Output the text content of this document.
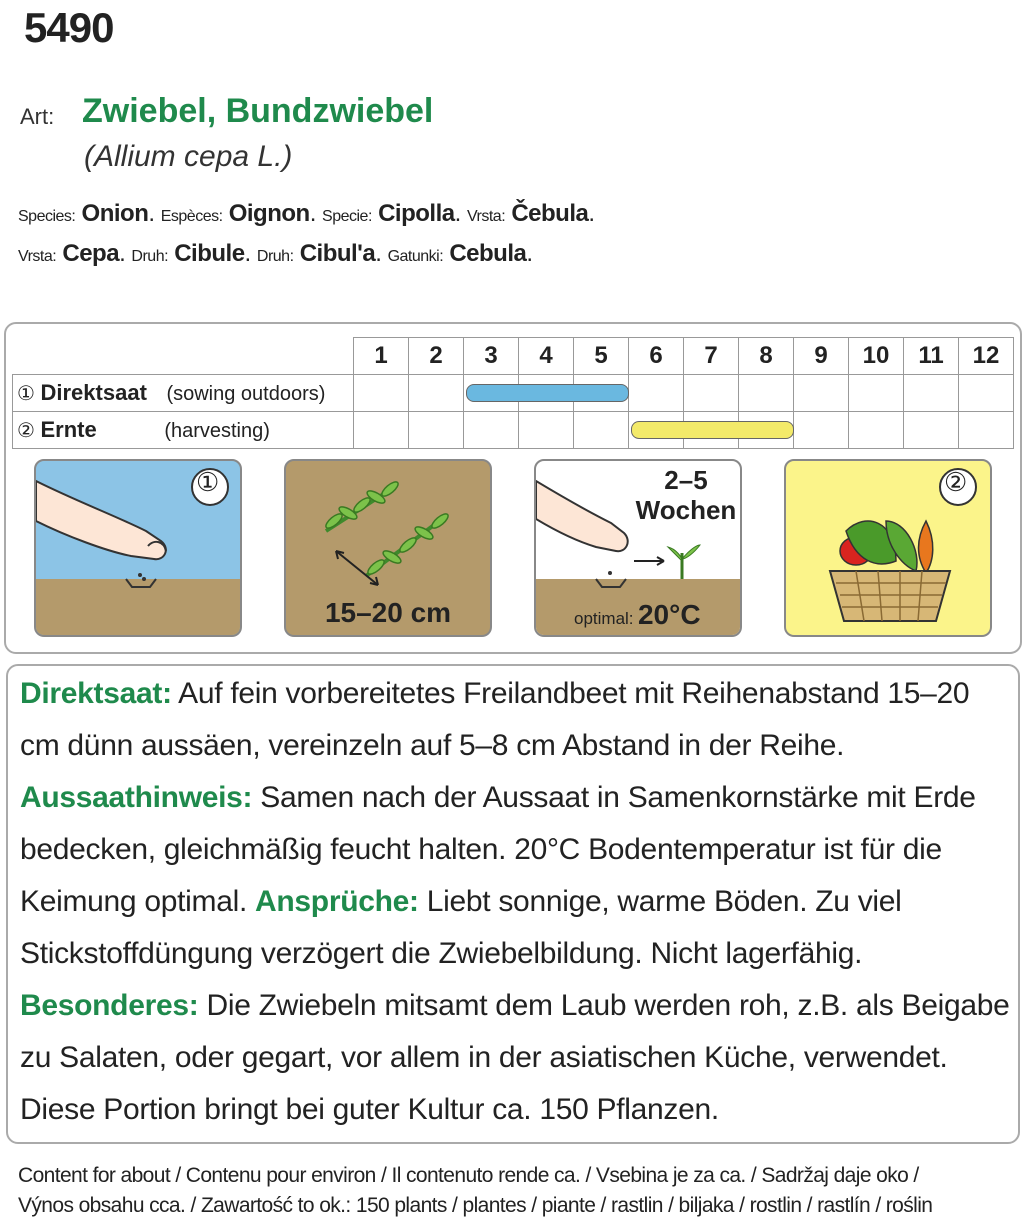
5490
Art: Zwiebel, Bundzwiebel
(Allium cepa L.)
Species: Onion. Espèces: Oignon. Specie: Cipolla. Vrsta: Čebula.
Vrsta: Cepa. Druh: Cibule. Druh: Cibul'a. Gatunki: Cebula.
	1	2	3	4	5	6	7	8	9	10	11	12
① Direktsaat (sowing outdoors)												
② Ernte (harvesting)												
①
15–20 cm
2–5
Wochen
optimal: 20°C
②
Direktsaat: Auf fein vorbereitetes Freilandbeet mit Reihenabstand 15–20 cm dünn aussäen, vereinzeln auf 5–8 cm Abstand in der Reihe.
Aussaathinweis: Samen nach der Aussaat in Samenkornstärke mit Erde bedecken, gleichmäßig feucht halten. 20°C Bodentemperatur ist für die Keimung optimal. Ansprüche: Liebt sonnige, warme Böden. Zu viel Stickstoffdüngung verzögert die Zwiebelbildung. Nicht lagerfähig.
Besonderes: Die Zwiebeln mitsamt dem Laub werden roh, z.B. als Beigabe zu Salaten, oder gegart, vor allem in der asiatischen Küche, verwendet.
Diese Portion bringt bei guter Kultur ca. 150 Pflanzen.
Content for about / Contenu pour environ / Il contenuto rende ca. / Vsebina je za ca. / Sadržaj daje oko /
Výnos obsahu cca. / Zawartość to ok.: 150 plants / plantes / piante / rastlin / biljaka / rostlin / rastlín / roślin
